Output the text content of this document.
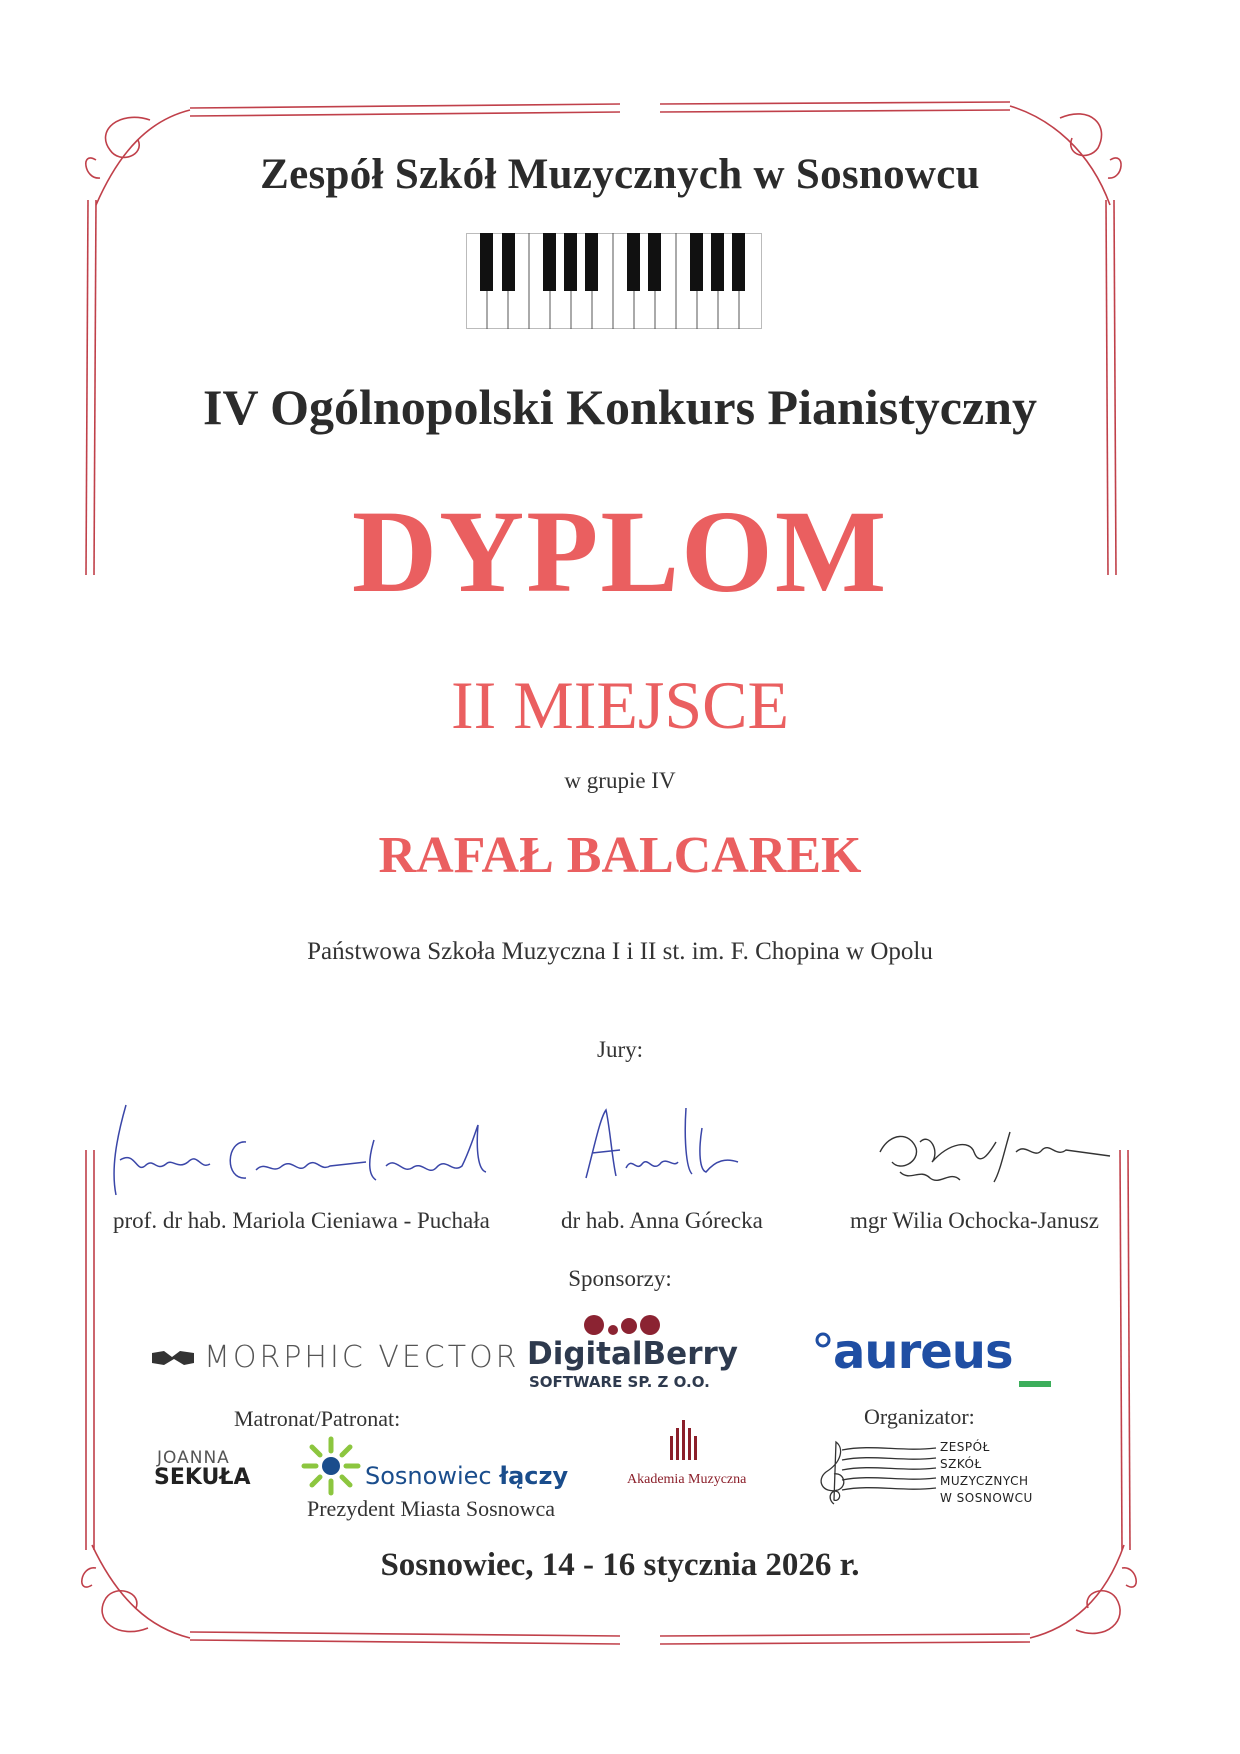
Zespół Szkół Muzycznych w Sosnowcu
IV Ogólnopolski Konkurs Pianistyczny
DYPLOM
II MIEJSCE
w grupie IV
RAFAŁ BALCAREK
Państwowa Szkoła Muzyczna I i II st. im. F. Chopina w Opolu
Jury:
prof. dr hab. Mariola Cieniawa - Puchała	dr hab. Anna Górecka	mgr Wilia Ochocka-Janusz
Sponsorzy:
MORPHIC VECTOR DigitalBerry
SOFTWARE SP. Z O.O.
aureus
Matronat/Patronat:	Organizator:
JOANNA
SEKUŁA	Sosnowiec łączy
Prezydent Miasta Sosnowca
Akademia Muzyczna
ZESPÓŁ
SZKÓŁ
MUZYCZNYCH
W SOSNOWCU
Sosnowiec, 14 - 16 stycznia 2026 r.
